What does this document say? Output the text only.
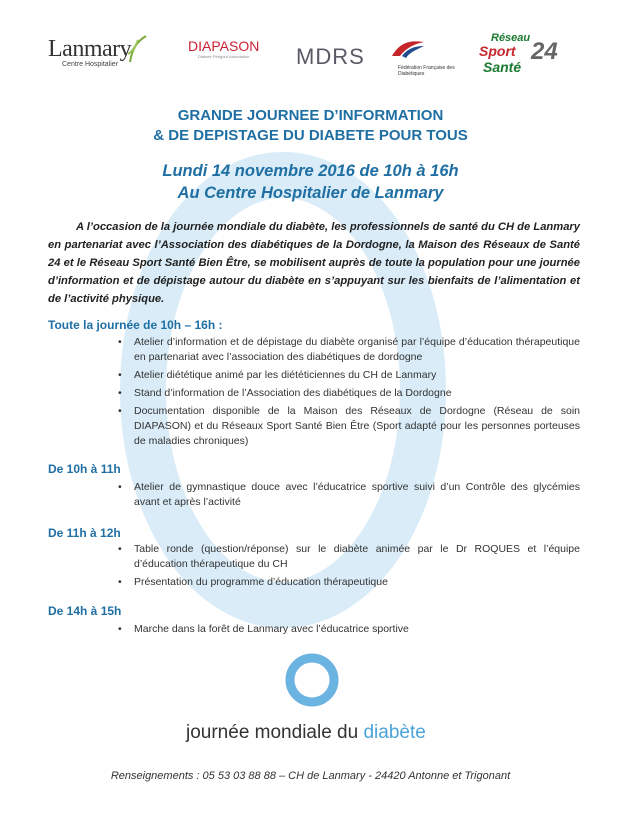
Lanmary
Centre Hospitalier
DIAPASON
Diabète Périgord Association	MDRS	Fédération Française des Diabétiques
Réseau
Sport
Santé
24
GRANDE JOURNEE D’INFORMATION
& DE DEPISTAGE DU DIABETE POUR TOUS
Lundi 14 novembre 2016 de 10h à 16h
Au Centre Hospitalier de Lanmary
A l’occasion de la journée mondiale du diabète, les professionnels de santé du CH de Lanmary en partenariat avec l’Association des diabétiques de la Dordogne, la Maison des Réseaux de Santé 24 et le Réseau Sport Santé Bien Être, se mobilisent auprès de toute la population pour une journée d’information et de dépistage autour du diabète en s’appuyant sur les bienfaits de l’alimentation et de l’activité physique.
Toute la journée de 10h – 16h :
• Atelier d’information et de dépistage du diabète organisé par l’équipe d’éducation thérapeutique en partenariat avec l’association des diabétiques de dordogne
• Atelier diététique animé par les diététiciennes du CH de Lanmary
• Stand d’information de l’Association des diabétiques de la Dordogne
• Documentation disponible de la Maison des Réseaux de Dordogne (Réseau de soin DIAPASON) et du Réseaux Sport Santé Bien Être (Sport adapté pour les personnes porteuses de maladies chroniques)
De 10h à 11h
• Atelier de gymnastique douce avec l’éducatrice sportive suivi d’un Contrôle des glycémies avant et après l’activité
De 11h à 12h
• Table ronde (question/réponse) sur le diabète animée par le Dr ROQUES et l’équipe d’éducation thérapeutique du CH
• Présentation du programme d’éducation thérapeutique
De 14h à 15h
• Marche dans la forêt de Lanmary avec l’éducatrice sportive
journée mondiale du diabète
Renseignements : 05 53 03 88 88 – CH de Lanmary - 24420 Antonne et Trigonant
